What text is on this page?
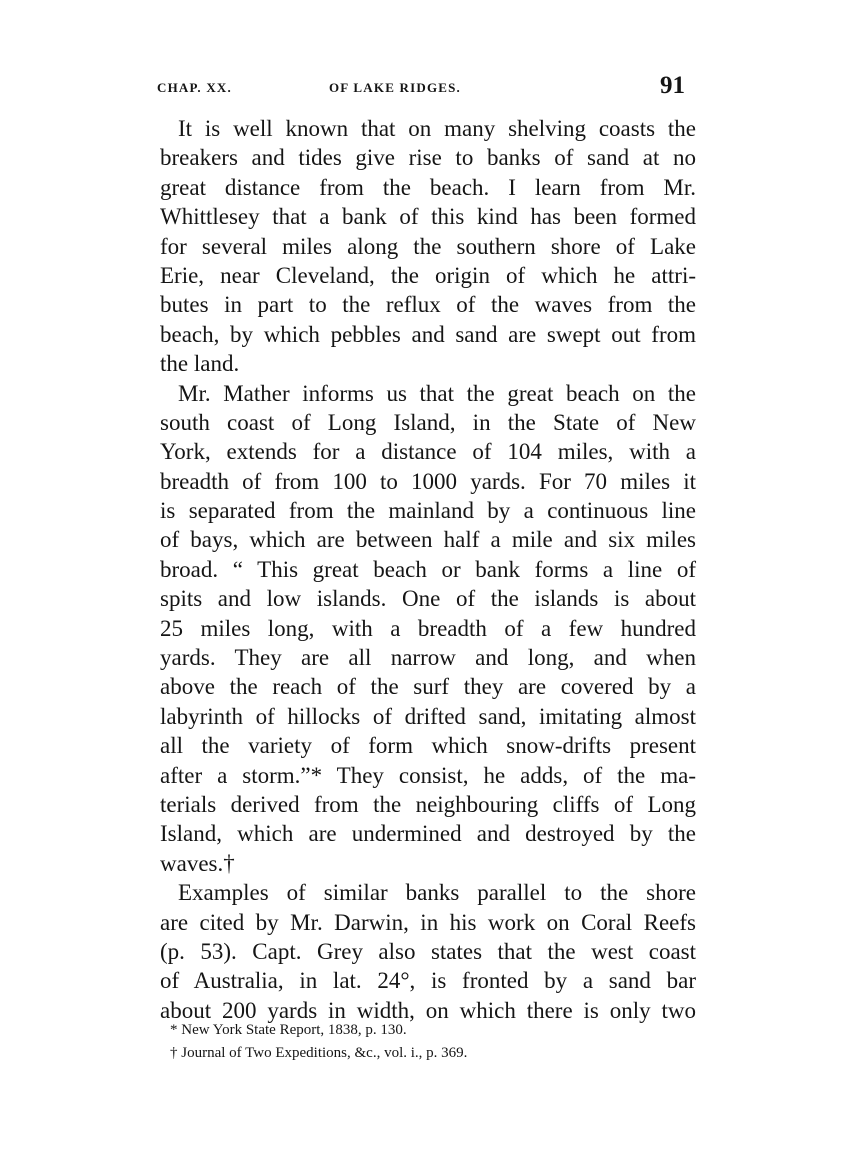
CHAP. XX.	OF LAKE RIDGES.	91
It is well known that on many shelving coasts the
breakers and tides give rise to banks of sand at no
great distance from the beach. I learn from Mr.
Whittlesey that a bank of this kind has been formed
for several miles along the southern shore of Lake
Erie, near Cleveland, the origin of which he attri-
butes in part to the reflux of the waves from the
beach, by which pebbles and sand are swept out from
the land.
Mr. Mather informs us that the great beach on the
south coast of Long Island, in the State of New
York, extends for a distance of 104 miles, with a
breadth of from 100 to 1000 yards. For 70 miles it
is separated from the mainland by a continuous line
of bays, which are between half a mile and six miles
broad. “ This great beach or bank forms a line of
spits and low islands. One of the islands is about
25 miles long, with a breadth of a few hundred
yards. They are all narrow and long, and when
above the reach of the surf they are covered by a
labyrinth of hillocks of drifted sand, imitating almost
all the variety of form which snow-drifts present
after a storm.”* They consist, he adds, of the ma-
terials derived from the neighbouring cliffs of Long
Island, which are undermined and destroyed by the
waves.†
Examples of similar banks parallel to the shore
are cited by Mr. Darwin, in his work on Coral Reefs
(p. 53). Capt. Grey also states that the west coast
of Australia, in lat. 24°, is fronted by a sand bar
about 200 yards in width, on which there is only two
* New York State Report, 1838, p. 130.
† Journal of Two Expeditions, &c., vol. i., p. 369.
